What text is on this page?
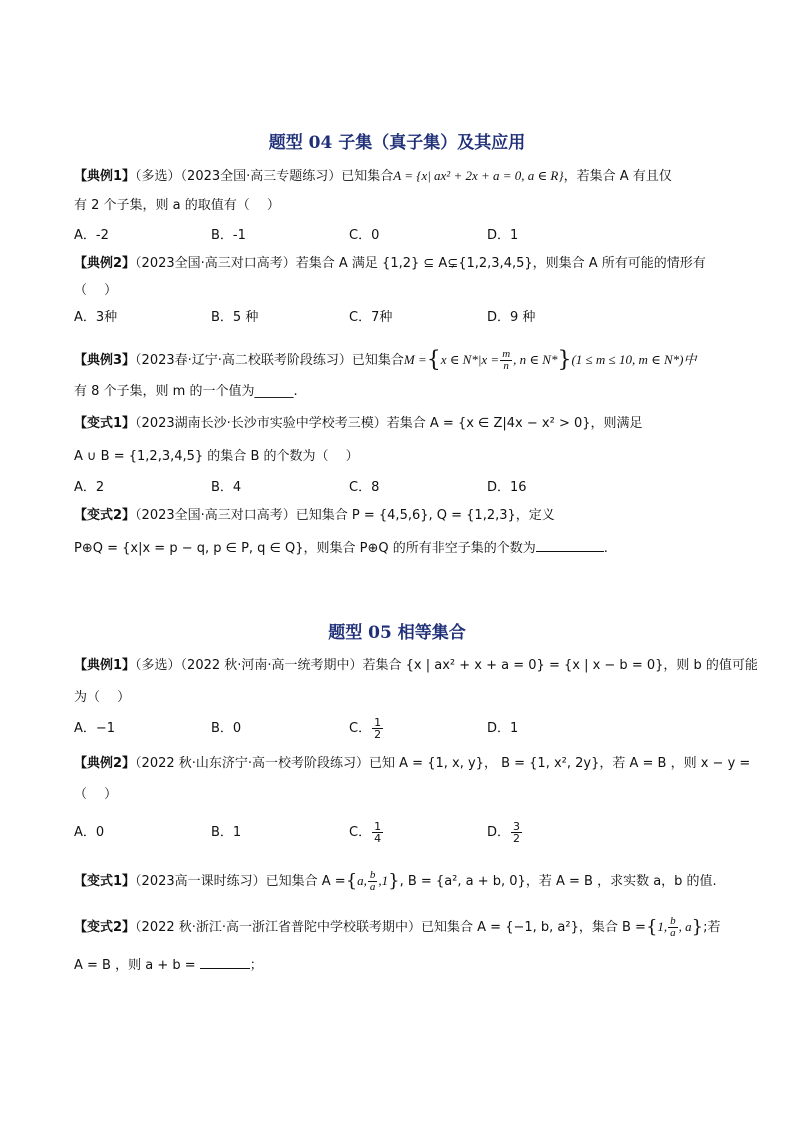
题型 04 子集（真子集）及其应用
【典例1】（多选）（2023全国·高三专题练习）已知集合A = {x| ax² + 2x + a = 0, a ∈ R}，若集合 A 有且仅
有 2 个子集，则 a 的取值有（　 ）
A．-2	B．-1	C．0	D．1
【典例2】（2023全国·高三对口高考）若集合 A 满足 {1,2} ⊆ A⊊{1,2,3,4,5}，则集合 A 所有可能的情形有
（　 ）
A．3种	B．5 种	C．7种	D．9 种
【典例3】（2023春·辽宁·高二校联考阶段练习）已知集合M ={x ∈ $N*|x = \frac{m}{n}$ , n ∈ N*}(1 ≤ m ≤ 10, m ∈ N*)中
有 8 个子集，则 m 的一个值为______.
【变式1】（2023湖南长沙·长沙市实验中学校考三模）若集合 A = {x ∈ Z|4x − x² > 0}，则满足
A ∪ B = {1,2,3,4,5} 的集合 B 的个数为（　 ）
A．2	B．4	C．8	D．16
【变式2】（2023全国·高三对口高考）已知集合 P = {4,5,6}, Q = {1,2,3}，定义
P⊕Q = {x|x = p − q, p ∈ P, q ∈ Q}，则集合 P⊕Q 的所有非空子集的个数为	.
题型 05 相等集合
【典例1】（多选）（2022 秋·河南·高一统考期中）若集合 {x | ax² + x + a = 0} = {x | x − b = 0}，则 b 的值可能
为（　 ）
A．−1	B．0	C． $\frac{1}{2}$	D．1
【典例2】（2022 秋·山东济宁·高一校考阶段练习）已知 A = {1, x, y}， B = {1, x², 2y}，若 A = B ，则 x − y =
（　 ）
A．0	B．1	C． $\frac{1}{4}$	D． $\frac{3}{2}$
【变式1】（2023高一课时练习）已知集合 A ={a, $\frac{b}{a} ,1$}, B = {a², a + b, 0}，若 A = B ，求实数 a，b 的值.
【变式2】（2022 秋·浙江·高一浙江省普陀中学校联考期中）已知集合 A = {−1, b, a²}，集合 B ={1, $\frac{b}{a}$ , a};若
A = B ，则 a + b =	；
